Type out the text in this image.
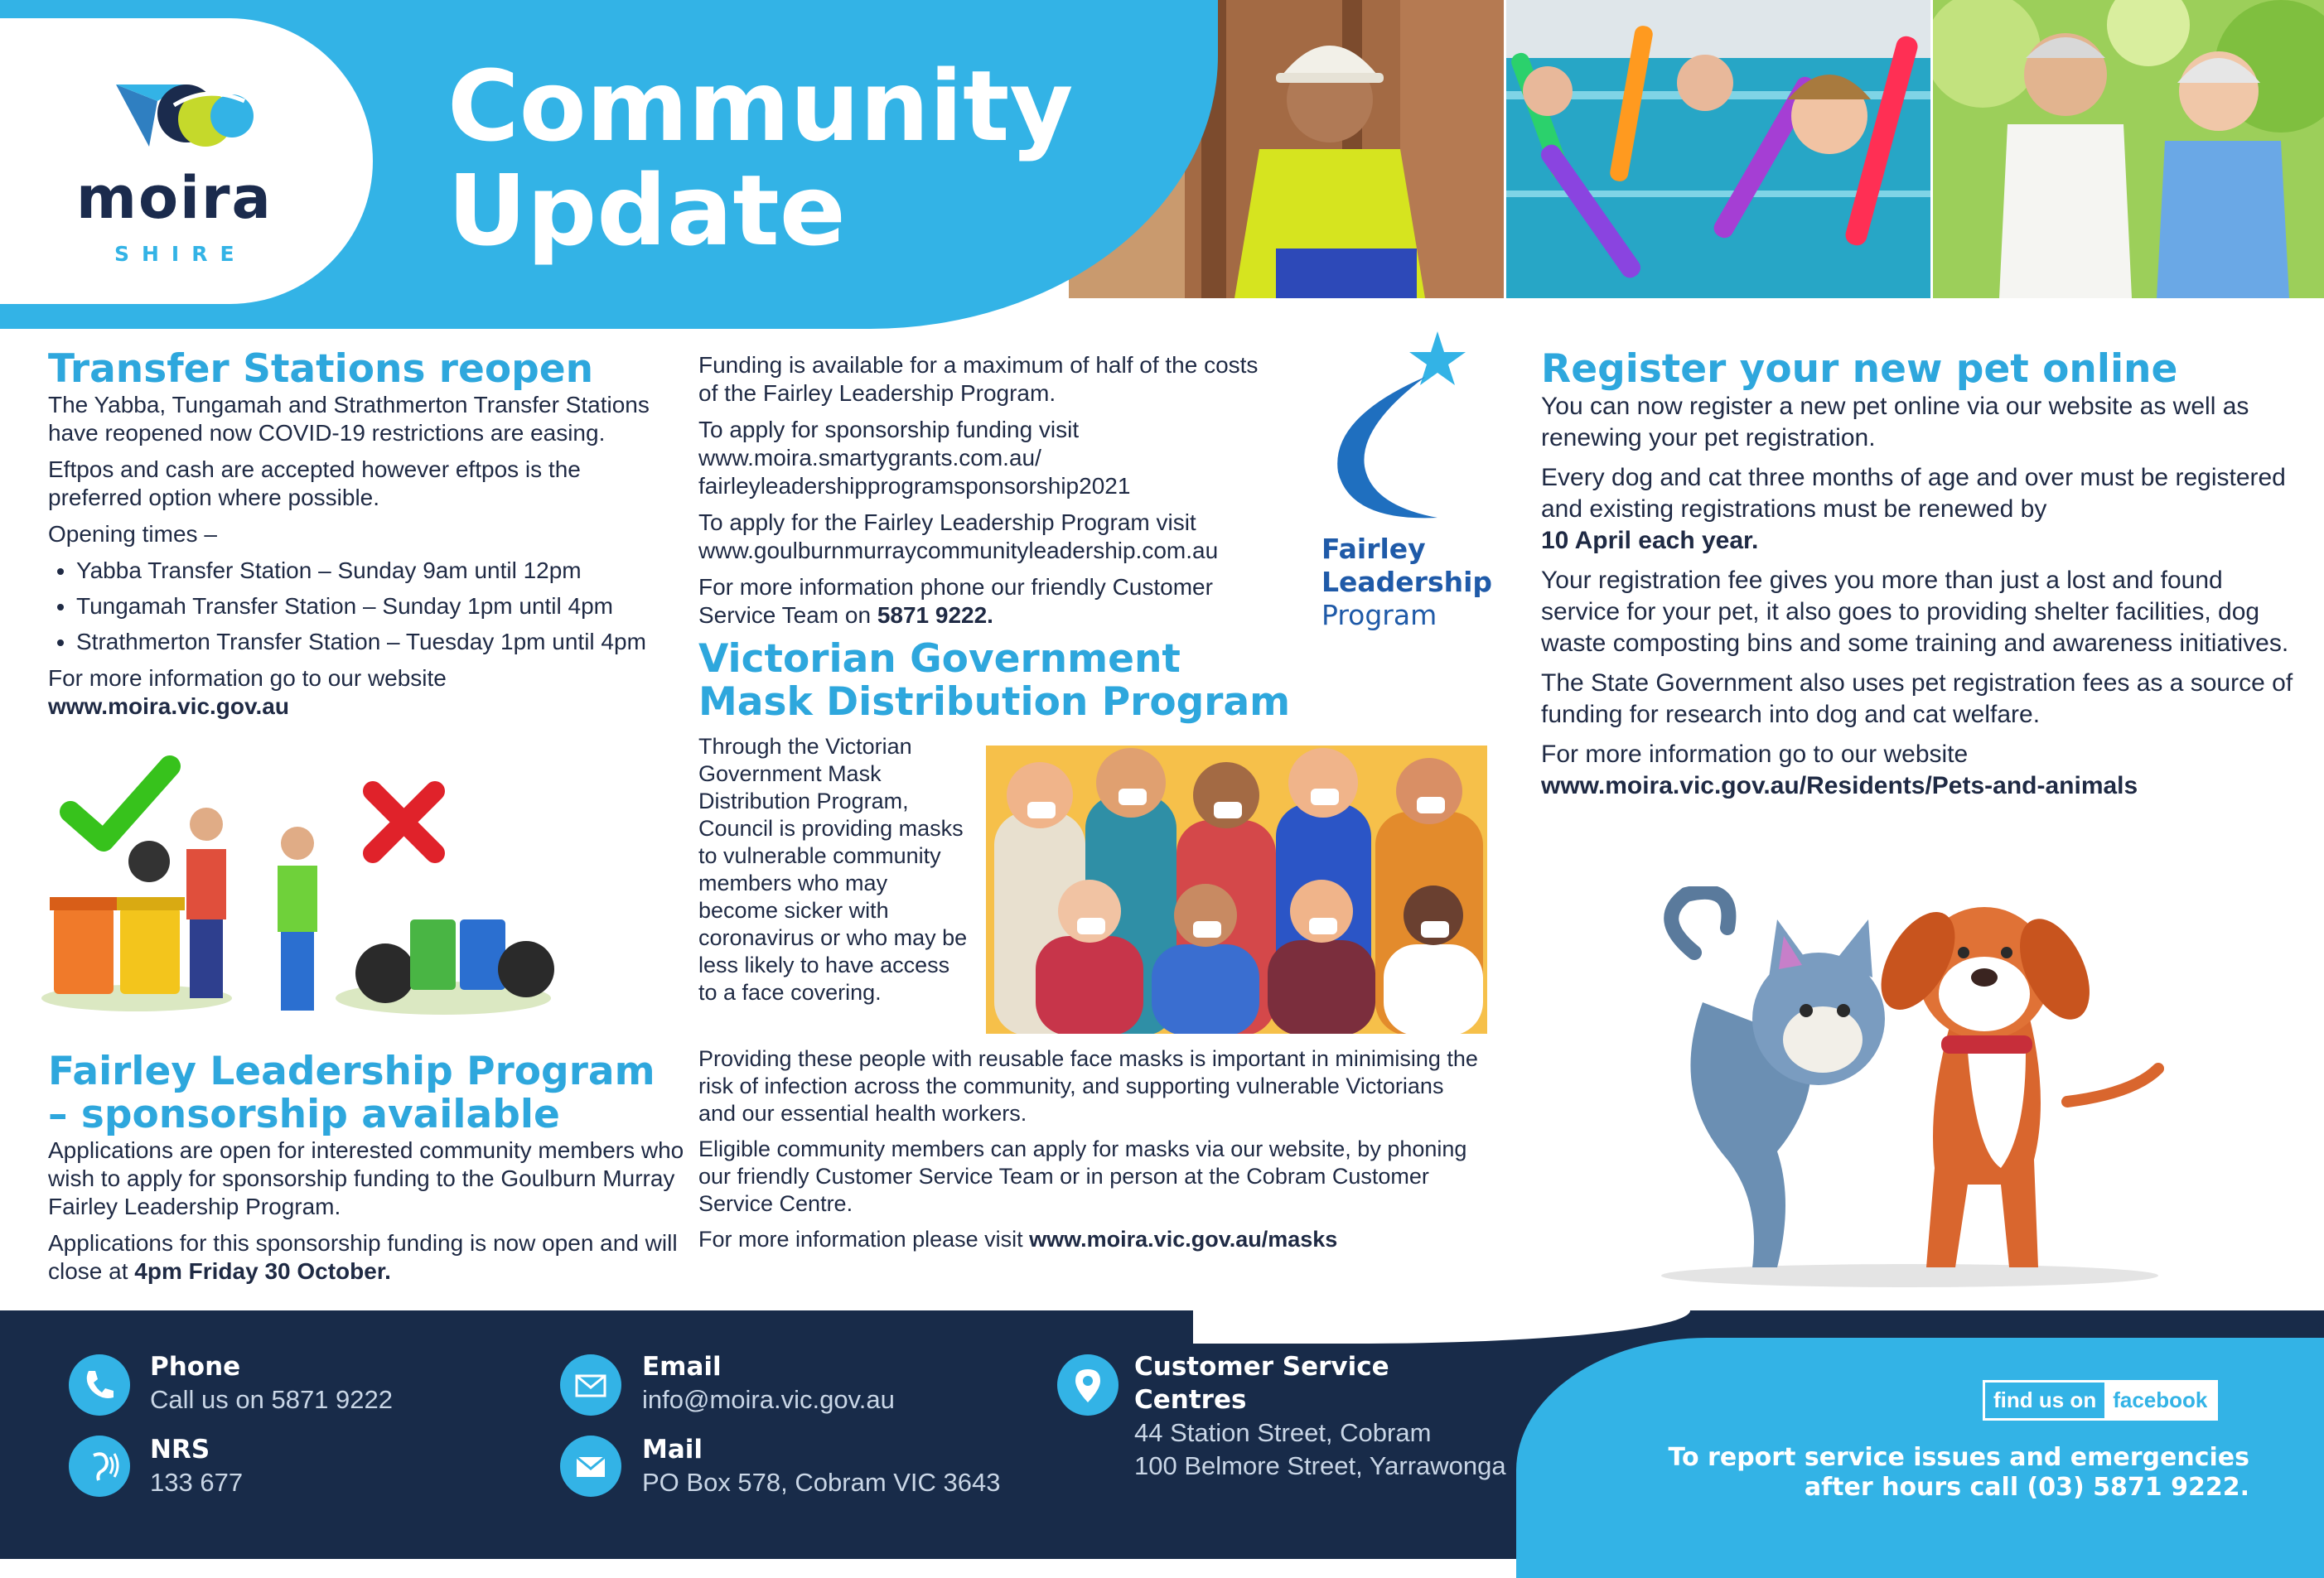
moira
SHIRE
Community
Update
Transfer Stations reopen

The Yabba, Tungamah and Strathmerton Transfer Stations have reopened now COVID-19 restrictions are easing.

Eftpos and cash are accepted however eftpos is the preferred option where possible.

Opening times –

• Yabba Transfer Station – Sunday 9am until 12pm
• Tungamah Transfer Station – Sunday 1pm until 4pm
• Strathmerton Transfer Station – Tuesday 1pm until 4pm

For more information go to our website

www.moira.vic.gov.au

Fairley Leadership Program
– sponsorship available

Applications are open for interested community members who wish to apply for sponsorship funding to the Goulburn Murray Fairley Leadership Program.

Applications for this sponsorship funding is now open and will close at 4pm Friday 30 October.

Funding is available for a maximum of half of the costs of the Fairley Leadership Program.

To apply for sponsorship funding visit
www.moira.smartygrants.com.au/
fairleyleadershipprogramsponsorship2021

To apply for the Fairley Leadership Program visit
www.goulburnmurraycommunityleadership.com.au

For more information phone our friendly Customer Service Team on 5871 9222.

Fairley
Leadership
Program
Victorian Government
Mask Distribution Program

Through the Victorian Government Mask Distribution Program, Council is providing masks to vulnerable community members who may become sicker with coronavirus or who may be less likely to have access to a face covering.

Providing these people with reusable face masks is important in minimising the risk of infection across the community, and supporting vulnerable Victorians and our essential health workers.

Eligible community members can apply for masks via our website, by phoning our friendly Customer Service Team or in person at the Cobram Customer Service Centre.

For more information please visit www.moira.vic.gov.au/masks

Register your new pet online

You can now register a new pet online via our website as well as renewing your pet registration.

Every dog and cat three months of age and over must be registered and existing registrations must be renewed by
10 April each year.

Your registration fee gives you more than just a lost and found service for your pet, it also goes to providing shelter facilities, dog waste composting bins and some training and awareness initiatives.

The State Government also uses pet registration fees as a source of funding for research into dog and cat welfare.

For more information go to our website

www.moira.vic.gov.au/Residents/Pets-and-animals

Phone
Call us on 5871 9222
NRS
133 677
Email
info@moira.vic.gov.au
Mail
PO Box 578, Cobram VIC 3643
Customer Service
Centres
44 Station Street, Cobram
100 Belmore Street, Yarrawonga
find us on facebook
To report service issues and emergencies
after hours call (03) 5871 9222.
